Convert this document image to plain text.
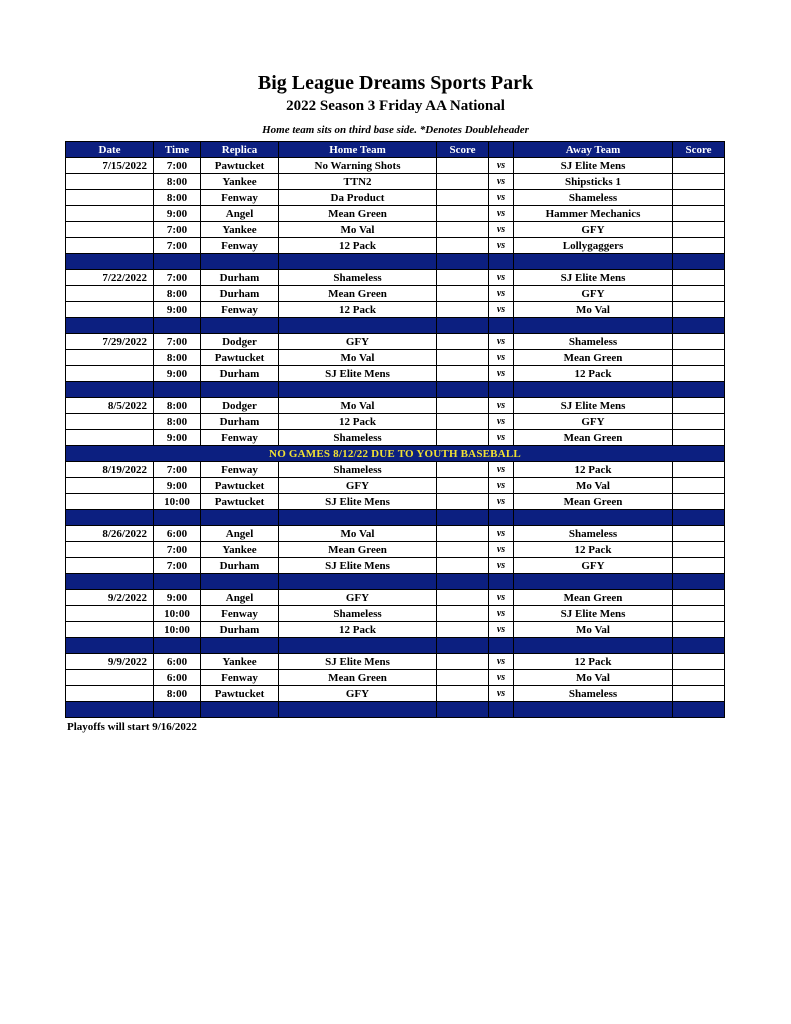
Big League Dreams Sports Park
2022 Season 3 Friday AA National
Home team sits on third base side. *Denotes Doubleheader
Date	Time	Replica	Home Team	Score		Away Team	Score
7/15/2022	7:00	Pawtucket	No Warning Shots		vs	SJ Elite Mens	
	8:00	Yankee	TTN2		vs	Shipsticks 1	
	8:00	Fenway	Da Product		vs	Shameless	
	9:00	Angel	Mean Green		vs	Hammer Mechanics	
	7:00	Yankee	Mo Val		vs	GFY	
	7:00	Fenway	12 Pack		vs	Lollygaggers	

7/22/2022	7:00	Durham	Shameless		vs	SJ Elite Mens	
	8:00	Durham	Mean Green		vs	GFY	
	9:00	Fenway	12 Pack		vs	Mo Val	

7/29/2022	7:00	Dodger	GFY		vs	Shameless	
	8:00	Pawtucket	Mo Val		vs	Mean Green	
	9:00	Durham	SJ Elite Mens		vs	12 Pack	

8/5/2022	8:00	Dodger	Mo Val		vs	SJ Elite Mens	
	8:00	Durham	12 Pack		vs	GFY	
	9:00	Fenway	Shameless		vs	Mean Green	
NO GAMES 8/12/22 DUE TO YOUTH BASEBALL							
8/19/2022	7:00	Fenway	Shameless		vs	12 Pack	
	9:00	Pawtucket	GFY		vs	Mo Val	
	10:00	Pawtucket	SJ Elite Mens		vs	Mean Green	

8/26/2022	6:00	Angel	Mo Val		vs	Shameless	
	7:00	Yankee	Mean Green		vs	12 Pack	
	7:00	Durham	SJ Elite Mens		vs	GFY	

9/2/2022	9:00	Angel	GFY		vs	Mean Green	
	10:00	Fenway	Shameless		vs	SJ Elite Mens	
	10:00	Durham	12 Pack		vs	Mo Val	

9/9/2022	6:00	Yankee	SJ Elite Mens		vs	12 Pack	
	6:00	Fenway	Mean Green		vs	Mo Val	
	8:00	Pawtucket	GFY		vs	Shameless	

Playoffs will start 9/16/2022
